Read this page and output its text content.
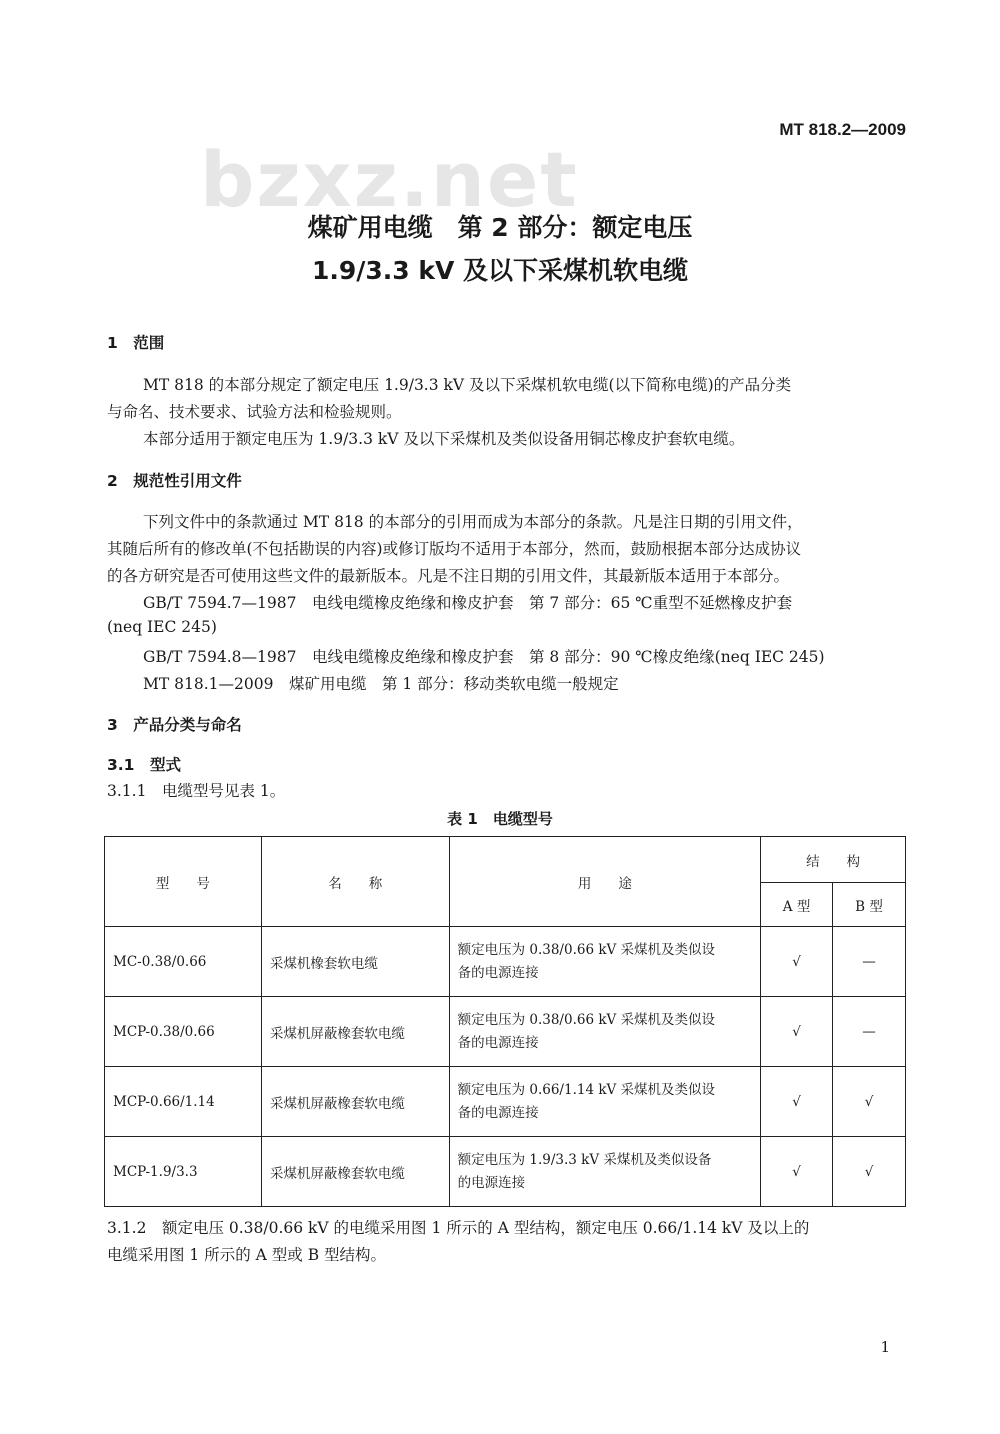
bzxz.net
MT 818.2—2009
煤矿用电缆　第 2 部分：额定电压
1.9/3.3 kV 及以下采煤机软电缆
1　范围
MT 818 的本部分规定了额定电压 1.9/3.3 kV 及以下采煤机软电缆(以下简称电缆)的产品分类
与命名、技术要求、试验方法和检验规则。
本部分适用于额定电压为 1.9/3.3 kV 及以下采煤机及类似设备用铜芯橡皮护套软电缆。
2　规范性引用文件
下列文件中的条款通过 MT 818 的本部分的引用而成为本部分的条款。凡是注日期的引用文件，
其随后所有的修改单(不包括勘误的内容)或修订版均不适用于本部分，然而，鼓励根据本部分达成协议
的各方研究是否可使用这些文件的最新版本。凡是不注日期的引用文件，其最新版本适用于本部分。
GB/T 7594.7—1987　电线电缆橡皮绝缘和橡皮护套　第 7 部分：65 ℃重型不延燃橡皮护套
(neq IEC 245)
GB/T 7594.8—1987　电线电缆橡皮绝缘和橡皮护套　第 8 部分：90 ℃橡皮绝缘(neq IEC 245)
MT 818.1—2009　煤矿用电缆　第 1 部分：移动类软电缆一般规定
3　产品分类与命名
3.1　型式
3.1.1　电缆型号见表 1。
表 1　电缆型号
型　　号	名　　称	用　　途	结　　构	
			A 型	B 型
MC-0.38/0.66	采煤机橡套软电缆	额定电压为 0.38/0.66 kV 采煤机及类似设
备的电源连接	√	—
MCP-0.38/0.66	采煤机屏蔽橡套软电缆	额定电压为 0.38/0.66 kV 采煤机及类似设
备的电源连接	√	—
MCP-0.66/1.14	采煤机屏蔽橡套软电缆	额定电压为 0.66/1.14 kV 采煤机及类似设
备的电源连接	√	√
MCP-1.9/3.3	采煤机屏蔽橡套软电缆	额定电压为 1.9/3.3 kV 采煤机及类似设备
的电源连接	√	√
3.1.2　额定电压 0.38/0.66 kV 的电缆采用图 1 所示的 A 型结构，额定电压 0.66/1.14 kV 及以上的
电缆采用图 1 所示的 A 型或 B 型结构。
1
